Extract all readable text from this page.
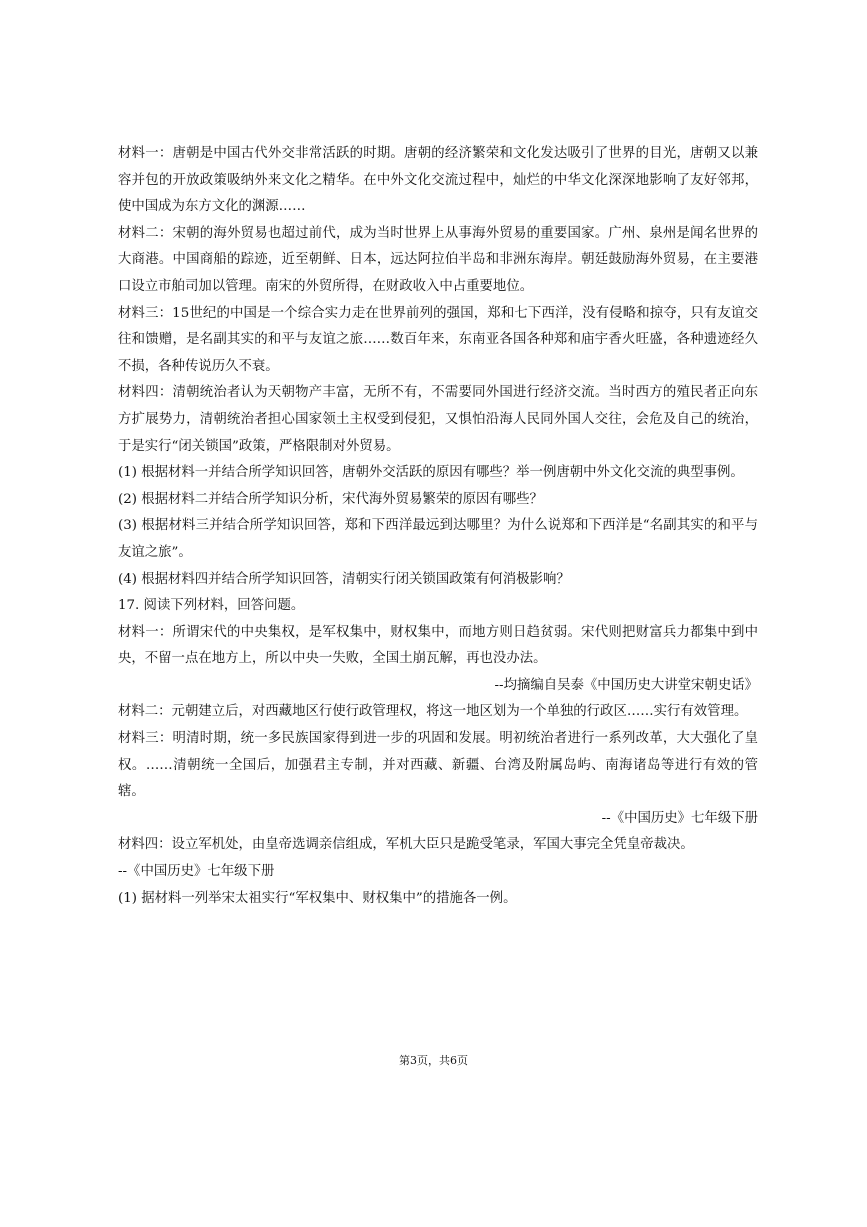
材料一：唐朝是中国古代外交非常活跃的时期。唐朝的经济繁荣和文化发达吸引了世界的目光，唐朝又以兼容并包的开放政策吸纳外来文化之精华。在中外文化交流过程中，灿烂的中华文化深深地影响了友好邻邦，使中国成为东方文化的渊源……

材料二：宋朝的海外贸易也超过前代，成为当时世界上从事海外贸易的重要国家。广州、泉州是闻名世界的大商港。中国商船的踪迹，近至朝鲜、日本，远达阿拉伯半岛和非洲东海岸。朝廷鼓励海外贸易，在主要港口设立市舶司加以管理。南宋的外贸所得，在财政收入中占重要地位。

材料三：15世纪的中国是一个综合实力走在世界前列的强国，郑和七下西洋，没有侵略和掠夺，只有友谊交往和馈赠，是名副其实的和平与友谊之旅……数百年来，东南亚各国各种郑和庙宇香火旺盛，各种遗迹经久不损，各种传说历久不衰。

材料四：清朝统治者认为天朝物产丰富，无所不有，不需要同外国进行经济交流。当时西方的殖民者正向东方扩展势力，清朝统治者担心国家领土主权受到侵犯，又惧怕沿海人民同外国人交往，会危及自己的统治，于是实行“闭关锁国”政策，严格限制对外贸易。

(1) 根据材料一并结合所学知识回答，唐朝外交活跃的原因有哪些？举一例唐朝中外文化交流的典型事例。

(2) 根据材料二并结合所学知识分析，宋代海外贸易繁荣的原因有哪些？

(3) 根据材料三并结合所学知识回答，郑和下西洋最远到达哪里？为什么说郑和下西洋是“名副其实的和平与友谊之旅”。

(4) 根据材料四并结合所学知识回答，清朝实行闭关锁国政策有何消极影响？

17. 阅读下列材料，回答问题。

材料一：所谓宋代的中央集权，是军权集中，财权集中，而地方则日趋贫弱。宋代则把财富兵力都集中到中央，不留一点在地方上，所以中央一失败，全国土崩瓦解，再也没办法。

--均摘编自吴泰《中国历史大讲堂宋朝史话》

材料二：元朝建立后，对西藏地区行使行政管理权，将这一地区划为一个单独的行政区……实行有效管理。

材料三：明清时期，统一多民族国家得到进一步的巩固和发展。明初统治者进行一系列改革，大大强化了皇权。……清朝统一全国后，加强君主专制，并对西藏、新疆、台湾及附属岛屿、南海诸岛等进行有效的管辖。

--《中国历史》七年级下册

材料四：设立军机处，由皇帝选调亲信组成，军机大臣只是跪受笔录，军国大事完全凭皇帝裁决。

--《中国历史》七年级下册

(1) 据材料一列举宋太祖实行“军权集中、财权集中”的措施各一例。

第3页，共6页
